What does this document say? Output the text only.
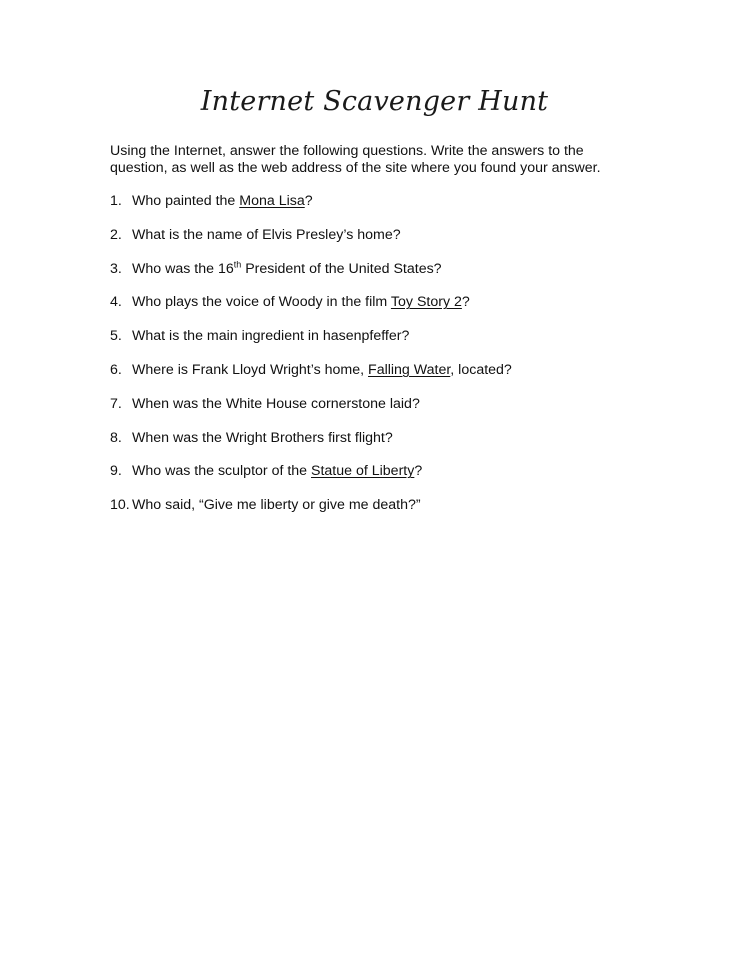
Internet Scavenger Hunt

Using the Internet, answer the following questions. Write the answers to the question, as well as the web address of the site where you found your answer.

1. Who painted the Mona Lisa?
2. What is the name of Elvis Presley’s home?
3. Who was the 16th President of the United States?
4. Who plays the voice of Woody in the film Toy Story 2?
5. What is the main ingredient in hasenpfeffer?
6. Where is Frank Lloyd Wright’s home, Falling Water, located?
7. When was the White House cornerstone laid?
8. When was the Wright Brothers first flight?
9. Who was the sculptor of the Statue of Liberty?
10. Who said, “Give me liberty or give me death?”
